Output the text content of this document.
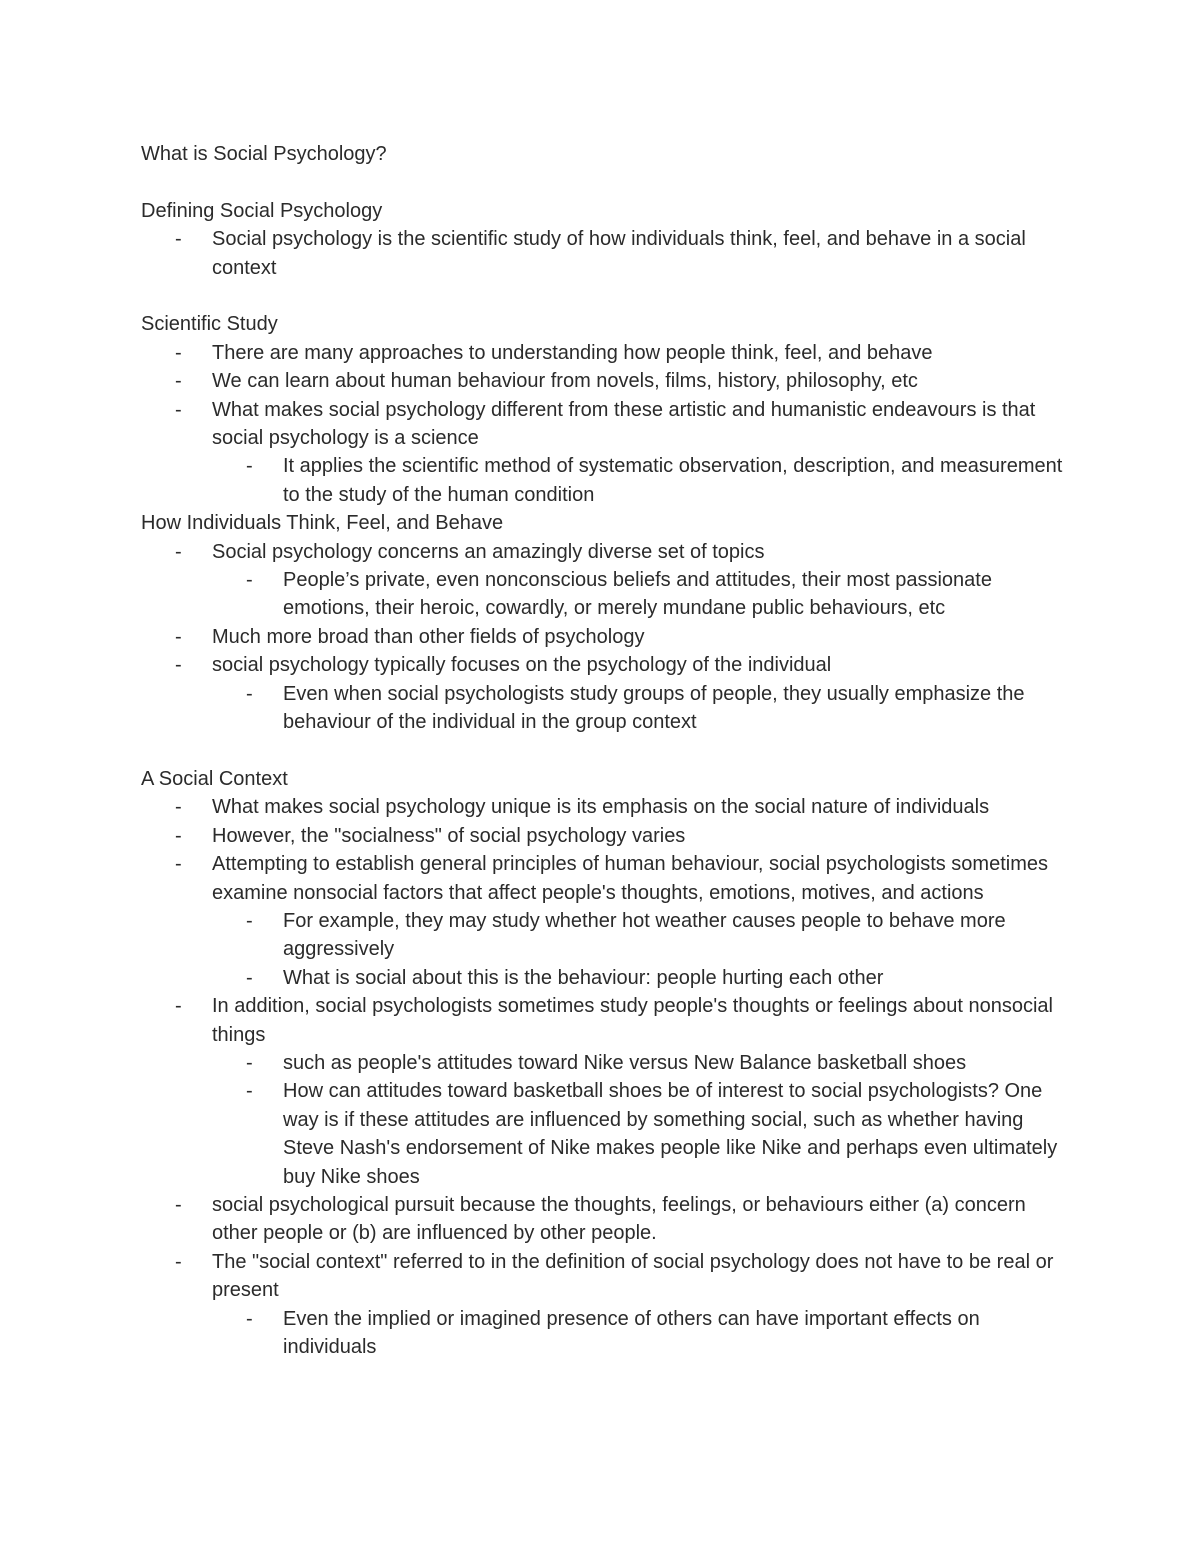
What is Social Psychology?
Defining Social Psychology
- Social psychology is the scientific study of how individuals think, feel, and behave in a social context
Scientific Study
- There are many approaches to understanding how people think, feel, and behave
- We can learn about human behaviour from novels, films, history, philosophy, etc
- What makes social psychology different from these artistic and humanistic endeavours is that social psychology is a science
- It applies the scientific method of systematic observation, description, and measurement to the study of the human condition
How Individuals Think, Feel, and Behave
- Social psychology concerns an amazingly diverse set of topics
- People’s private, even nonconscious beliefs and attitudes, their most passionate emotions, their heroic, cowardly, or merely mundane public behaviours, etc
- Much more broad than other fields of psychology
- social psychology typically focuses on the psychology of the individual
- Even when social psychologists study groups of people, they usually emphasize the behaviour of the individual in the group context
A Social Context
- What makes social psychology unique is its emphasis on the social nature of individuals
- However, the "socialness" of social psychology varies
- Attempting to establish general principles of human behaviour, social psychologists sometimes examine nonsocial factors that affect people's thoughts, emotions, motives, and actions
- For example, they may study whether hot weather causes people to behave more aggressively
- What is social about this is the behaviour: people hurting each other
- In addition, social psychologists sometimes study people's thoughts or feelings about nonsocial things
- such as people's attitudes toward Nike versus New Balance basketball shoes
- How can attitudes toward basketball shoes be of interest to social psychologists? One way is if these attitudes are influenced by something social, such as whether having Steve Nash's endorsement of Nike makes people like Nike and perhaps even ultimately buy Nike shoes
- social psychological pursuit because the thoughts, feelings, or behaviours either (a) concern other people or (b) are influenced by other people.
- The "social context" referred to in the definition of social psychology does not have to be real or present
- Even the implied or imagined presence of others can have important effects on individuals
